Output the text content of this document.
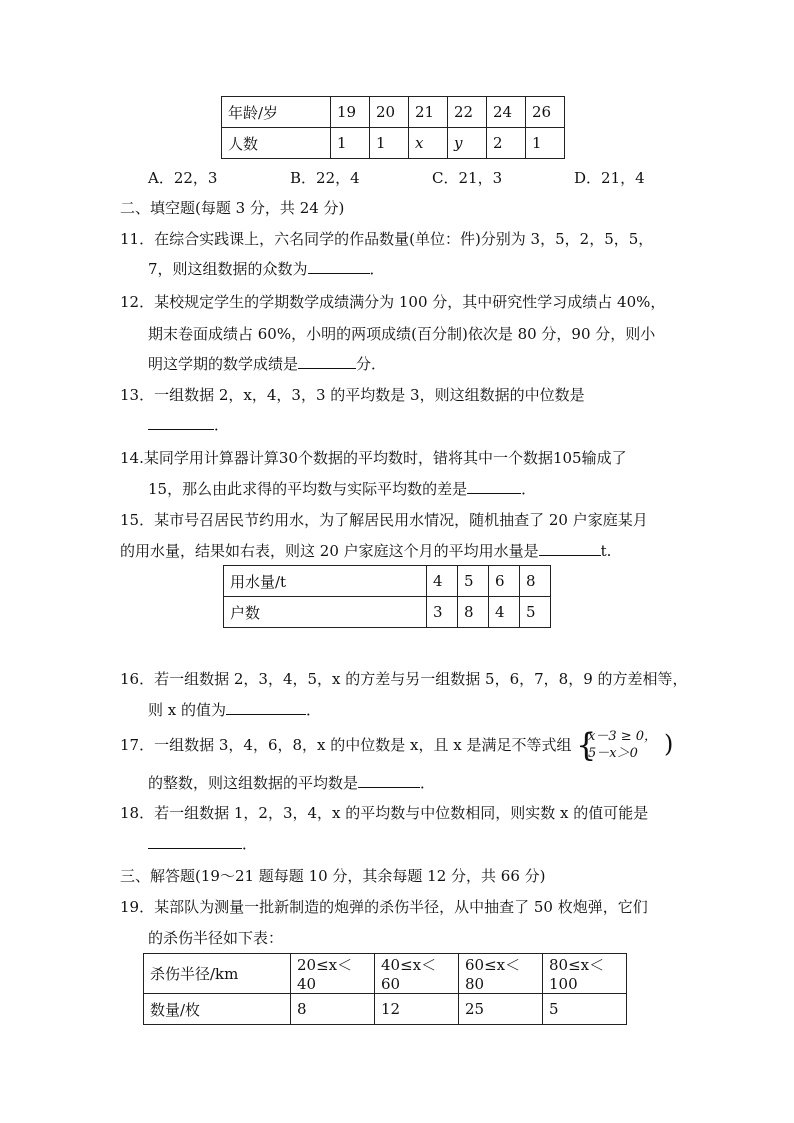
年龄/岁	19	20	21	22	24	26
人数	1	1	x	y	2	1
A．22，3	B．22，4	C．21，3	D．21，4
二、填空题(每题 3 分，共 24 分)
11．在综合实践课上，六名同学的作品数量(单位：件)分别为 3，5，2，5，5，
7，则这组数据的众数为	．
12．某校规定学生的学期数学成绩满分为 100 分，其中研究性学习成绩占 40%，
期末卷面成绩占 60%，小明的两项成绩(百分制)依次是 80 分，90 分，则小
明这学期的数学成绩是	分．
13．一组数据 2，x，4，3，3 的平均数是 3，则这组数据的中位数是
．
14.某同学用计算器计算30个数据的平均数时，错将其中一个数据105输成了
15，那么由此求得的平均数与实际平均数的差是	．
15．某市号召居民节约用水，为了解居民用水情况，随机抽查了 20 户家庭某月
的用水量，结果如右表，则这 20 户家庭这个月的平均用水量是	t.
用水量/t	4	5	6	8
户数	3	8	4	5
16．若一组数据 2，3，4，5，x 的方差与另一组数据 5，6，7，8，9 的方差相等，
则 x 的值为	．
17．一组数据 3，4，6，8，x 的中位数是 x，且 x 是满足不等式组 {
x－3 ≥ 0，
5－x＞0 )
的整数，则这组数据的平均数是	．
18．若一组数据 1，2，3，4，x 的平均数与中位数相同，则实数 x 的值可能是
．
三、解答题(19～21 题每题 10 分，其余每题 12 分，共 66 分)
19．某部队为测量一批新制造的炮弹的杀伤半径，从中抽查了 50 枚炮弹，它们
的杀伤半径如下表：
杀伤半径/km	20≤x＜40	40≤x＜60	60≤x＜80	80≤x＜100
数量/枚	8	12	25	5
